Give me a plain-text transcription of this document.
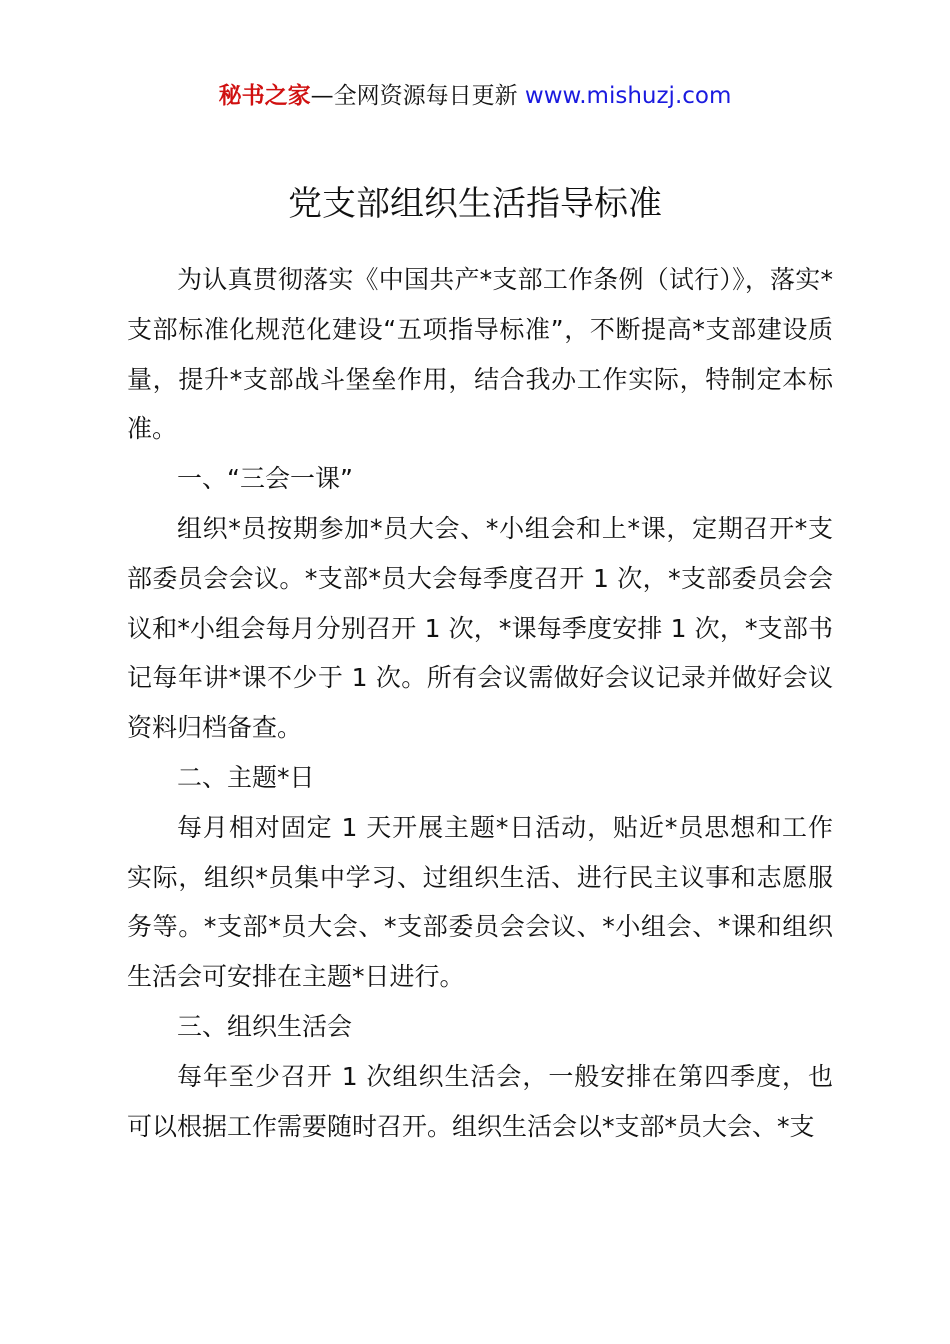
秘书之家—全网资源每日更新 www.mishuzj.com
党支部组织生活指导标准

为认真贯彻落实《中国共产*支部工作条例（试行）》，落实*支部标准化规范化建设“五项指导标准”，不断提高*支部建设质量，提升*支部战斗堡垒作用，结合我办工作实际，特制定本标准。

一、“三会一课”

组织*员按期参加*员大会、*小组会和上*课，定期召开*支部委员会会议。*支部*员大会每季度召开 1 次，*支部委员会会议和*小组会每月分别召开 1 次，*课每季度安排 1 次，*支部书记每年讲*课不少于 1 次。所有会议需做好会议记录并做好会议资料归档备查。

二、主题*日

每月相对固定 1 天开展主题*日活动，贴近*员思想和工作实际，组织*员集中学习、过组织生活、进行民主议事和志愿服务等。*支部*员大会、*支部委员会会议、*小组会、*课和组织生活会可安排在主题*日进行。

三、组织生活会

每年至少召开 1 次组织生活会，一般安排在第四季度，也可以根据工作需要随时召开。组织生活会以*支部*员大会、*支
